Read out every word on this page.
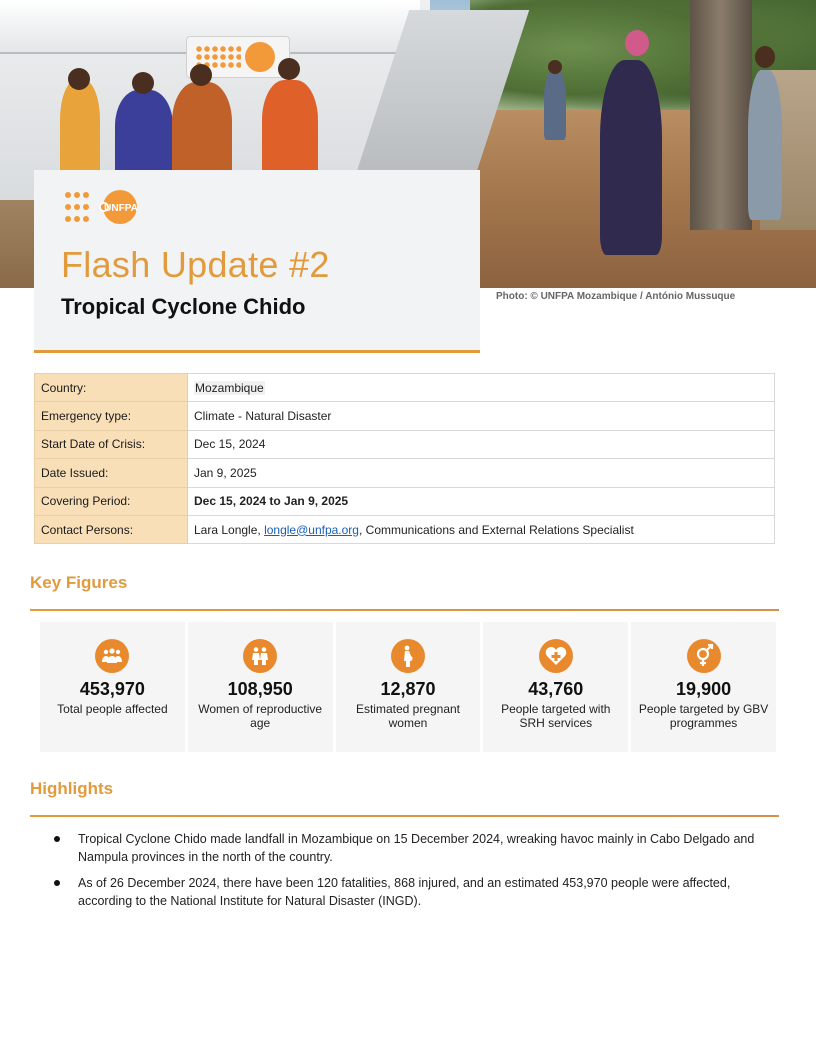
Photo: © UNFPA Mozambique / António Mussuque
UNFPA
Flash Update #2
Tropical Cyclone Chido
Country:	Mozambique
Emergency type:	Climate - Natural Disaster
Start Date of Crisis:	Dec 15, 2024
Date Issued:	Jan 9, 2025
Covering Period:	Dec 15, 2024 to Jan 9, 2025
Contact Persons:	Lara Longle, longle@unfpa.org, Communications and External Relations Specialist
Key Figures
453,970
Total people affected
108,950
Women of reproductive age
12,870
Estimated pregnant women
43,760
People targeted with SRH services
19,900
People targeted by GBV programmes
Highlights
Tropical Cyclone Chido made landfall in Mozambique on 15 December 2024, wreaking havoc mainly in Cabo Delgado and Nampula provinces in the north of the country.
As of 26 December 2024, there have been 120 fatalities, 868 injured, and an estimated 453,970 people were affected, according to the National Institute for Natural Disaster (INGD).
